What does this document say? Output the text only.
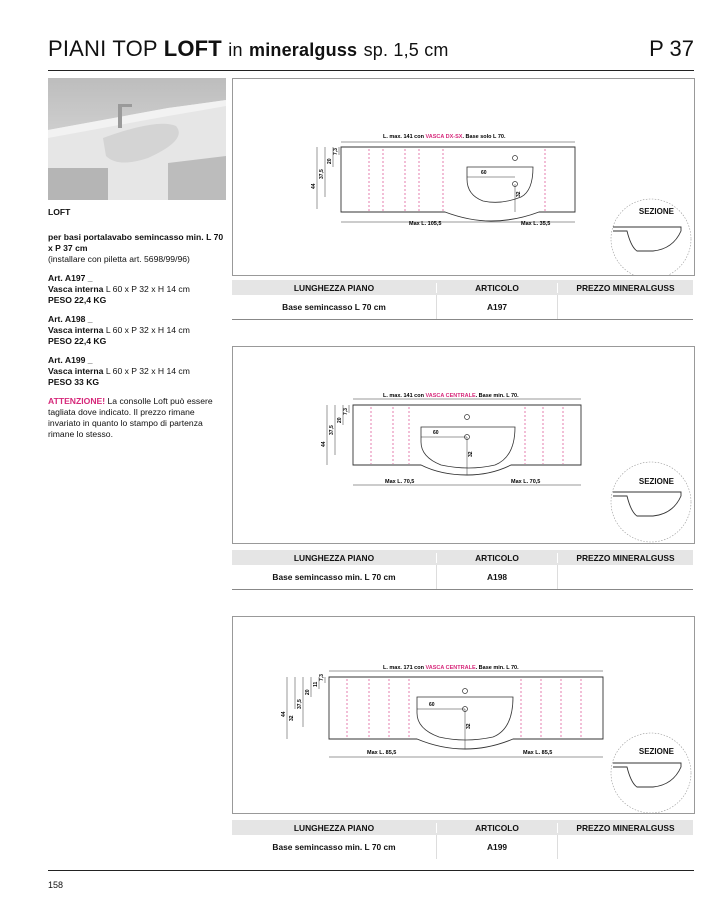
PIANI TOP LOFT in mineralguss sp. 1,5 cm	P 37

LOFT

per basi portalavabo semincasso min. L 70 x P 37 cm
(installare con piletta art. 5698/99/96)

Art. A197 _
Vasca interna L 60 x P 32 x H 14 cm
PESO 22,4 KG

Art. A198 _
Vasca interna L 60 x P 32 x H 14 cm
PESO 22,4 KG

Art. A199 _
Vasca interna L 60 x P 32 x H 14 cm
PESO 33 KG

ATTENZIONE! La consolle Loft può essere tagliata dove indicato. Il prezzo rimane invariato in quanto lo stampo di partenza rimane lo stesso.

L. max. 141 con VASCA DX-SX. Base solo L 70.
60
32
Max L. 105,5	Max L. 35,5
44
37,5
20
7,3
SEZIONE
LUNGHEZZA PIANO	ARTICOLO	PREZZO MINERALGUSS
Base semincasso L 70 cm	A197
L. max. 141 con VASCA CENTRALE. Base min. L 70.
60
32
Max L. 70,5	Max L. 70,5
44
37,5
20
7,3
SEZIONE
LUNGHEZZA PIANO	ARTICOLO	PREZZO MINERALGUSS
Base semincasso min. L 70 cm	A198
L. max. 171 con VASCA CENTRALE. Base min. L 70.
60
32
Max L. 85,5	Max L. 85,5
44
32
37,5
20
11
7,3
SEZIONE
LUNGHEZZA PIANO	ARTICOLO	PREZZO MINERALGUSS
Base semincasso min. L 70 cm	A199
158
